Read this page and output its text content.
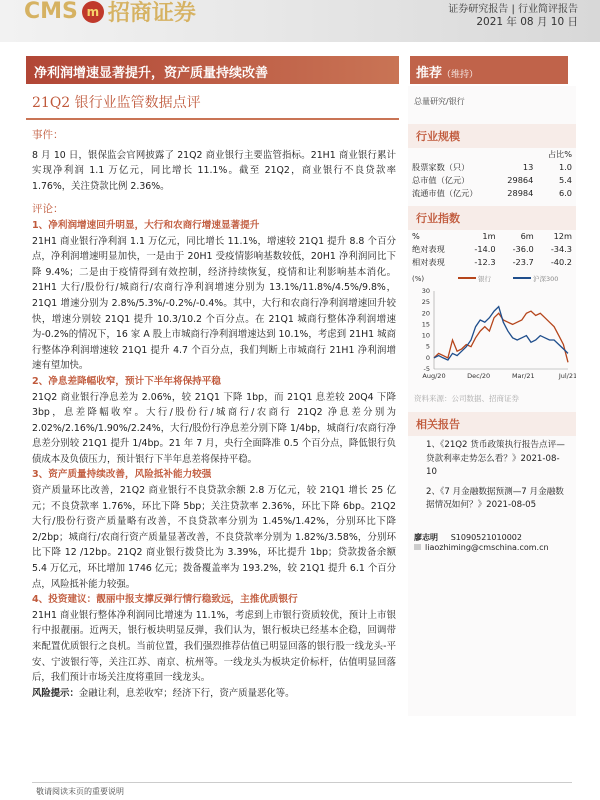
CMS m 招商证券	证券研究报告 | 行业简评报告
2021 年 08 月 10 日
净利润增速显著提升，资产质量持续改善	推荐（维持）
21Q2 银行业监管数据点评
事件：
8 月 10 日，银保监会官网披露了 21Q2 商业银行主要监管指标。21H1 商业银行累计实现净利润 1.1 万亿元，同比增长 11.1%。截至 21Q2，商业银行不良贷款率 1.76%，关注贷款比例 2.36%。
评论：
1、净利润增速回升明显，大行和农商行增速显著提升
21H1 商业银行净利润 1.1 万亿元，同比增长 11.1%，增速较 21Q1 提升 8.8 个百分点，净利润增速明显加快，一是由于 20H1 受疫情影响基数较低，20H1 净利润同比下降 9.4%；二是由于疫情得到有效控制，经济持续恢复，疫情和让利影响基本消化。21H1 大行/股份行/城商行/农商行净利润增速分别为 13.1%/11.8%/4.5%/9.8%，21Q1 增速分别为 2.8%/5.3%/-0.2%/-0.4%。其中，大行和农商行净利润增速回升较快，增速分别较 21Q1 提升 10.3/10.2 个百分点。在 21Q1 城商行整体净利润增速为-0.2%的情况下，16 家 A 股上市城商行净利润增速达到 10.1%，考虑到 21H1 城商行整体净利润增速较 21Q1 提升 4.7 个百分点，我们判断上市城商行 21H1 净利润增速有望加快。
2、净息差降幅收窄，预计下半年将保持平稳
21Q2 商业银行净息差为 2.06%，较 21Q1 下降 1bp，而 21Q1 息差较 20Q4 下降 3bp，息差降幅收窄。大行/股份行/城商行/农商行 21Q2 净息差分别为 2.02%/2.16%/1.90%/2.24%，大行/股份行净息差分别下降 1/4bp，城商行/农商行净息差分别较 21Q1 提升 1/4bp。21 年 7 月，央行全面降准 0.5 个百分点，降低银行负债成本及负债压力，预计银行下半年息差将保持平稳。
3、资产质量持续改善，风险抵补能力较强
资产质量环比改善，21Q2 商业银行不良贷款余额 2.8 万亿元，较 21Q1 增长 25 亿元；不良贷款率 1.76%，环比下降 5bp；关注贷款率 2.36%，环比下降 6bp。21Q2 大行/股份行资产质量略有改善，不良贷款率分别为 1.45%/1.42%，分别环比下降 2/2bp；城商行/农商行资产质量显著改善，不良贷款率分别为 1.82%/3.58%，分别环比下降 12 /12bp。21Q2 商业银行拨贷比为 3.39%，环比提升 1bp；贷款拨备余额 5.4 万亿元，环比增加 1746 亿元；拨备覆盖率为 193.2%，较 21Q1 提升 6.1 个百分点，风险抵补能力较强。
4、投资建议：靓丽中报支撑反弹行情行稳致远，主推优质银行
21H1 商业银行整体净利润同比增速为 11.1%，考虑到上市银行资质较优，预计上市银行中报靓丽。近两天，银行板块明显反弹，我们认为，银行板块已经基本企稳，回调带来配置优质银行之良机。当前位置，我们强烈推荐估值已明显回落的银行股一线龙头-平安、宁波银行等，关注江苏、南京、杭州等。一线龙头为板块定价标杆，估值明显回落后，我们预计市场关注度将重回一线龙头。
风险提示：金融让利，息差收窄；经济下行，资产质量恶化等。
总量研究/银行
行业规模
		占比%
股票家数（只）	13	1.0
总市值（亿元）	29864	5.4
流通市值（亿元）	28984	6.0
行业指数
%	1m	6m	12m
绝对表现	-14.0	-36.0	-34.3
相对表现	-12.3	-23.7	-40.2
(%)	银行	沪深300
30
25
20
15
10
5
0
-5
Aug/20	Dec/20	Mar/21	Jul/21
资料来源：公司数据、招商证券
相关报告
1、《21Q2 货币政策执行报告点评—贷款利率走势怎么看？》2021-08-10
2、《7 月金融数据预测—7 月金融数据情况如何？》2021-08-05
廖志明 S1090521010002
liaozhiming@cmschina.com.cn
敬请阅读末页的重要说明
